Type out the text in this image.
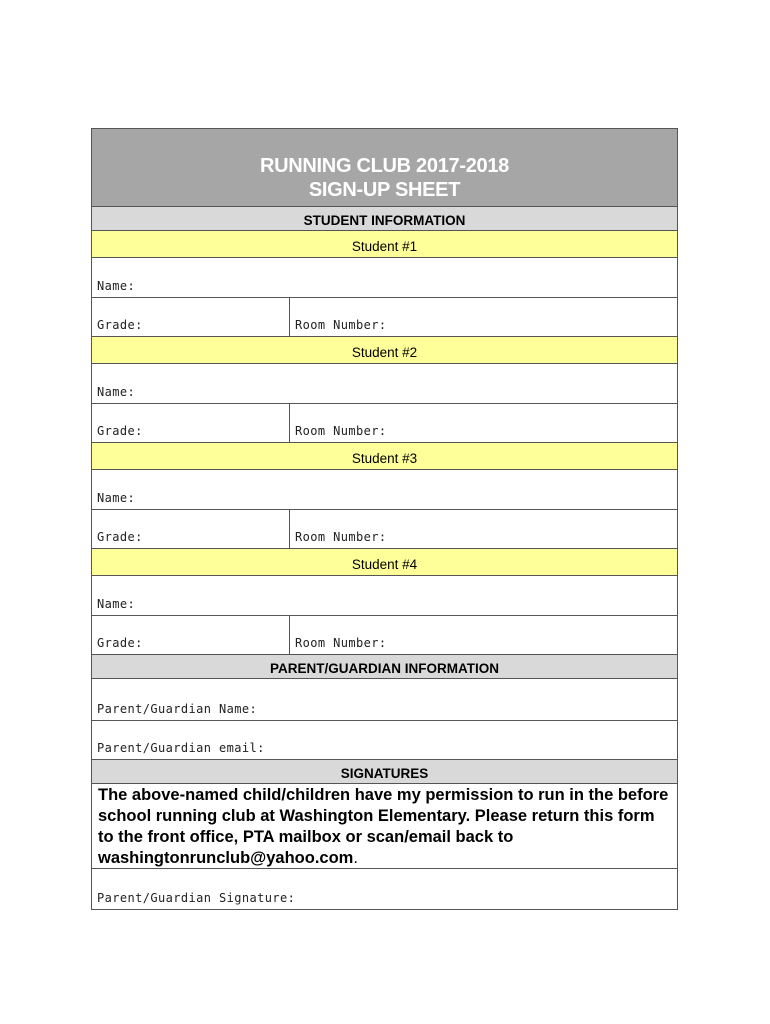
RUNNING CLUB 2017-2018
SIGN-UP SHEET
STUDENT INFORMATION
Student #1
Name:
Grade:	Room Number:
Student #2
Name:
Grade:	Room Number:
Student #3
Name:
Grade:	Room Number:
Student #4
Name:
Grade:	Room Number:
PARENT/GUARDIAN INFORMATION
Parent/Guardian Name:
Parent/Guardian email:
SIGNATURES
The above-named child/children have my permission to run in the before school running club at Washington Elementary. Please return this form to the front office, PTA mailbox or scan/email back to washingtonrunclub@yahoo.com.
Parent/Guardian Signature:
